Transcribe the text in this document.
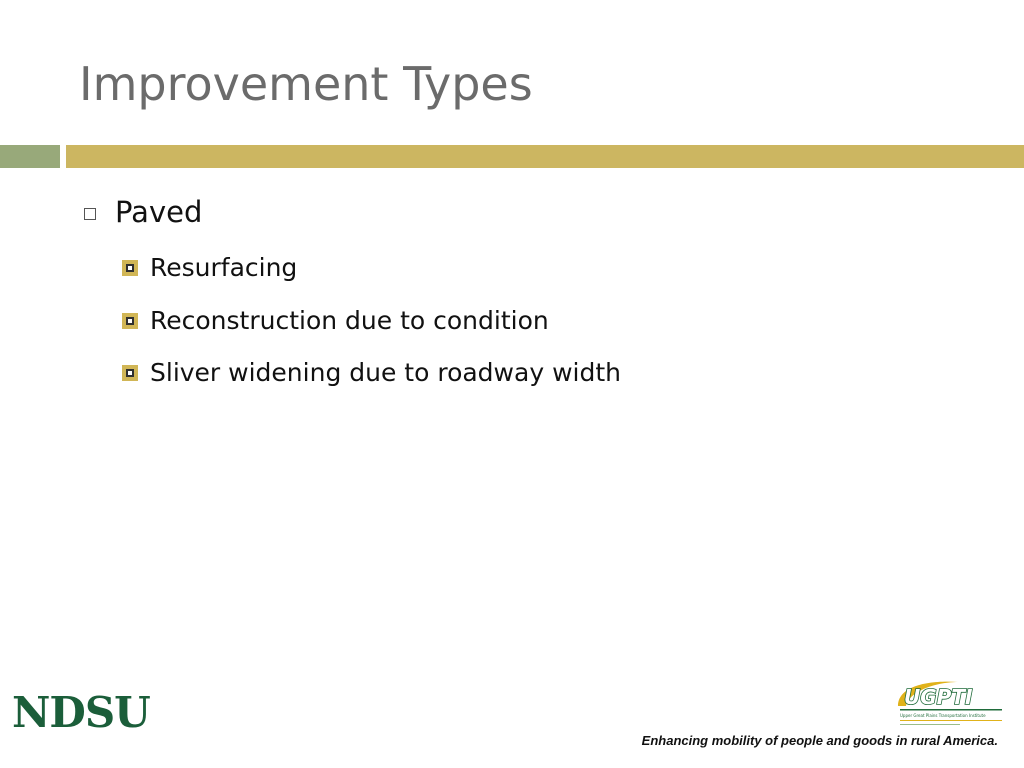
Improvement Types
Paved
Resurfacing
Reconstruction due to condition
Sliver widening due to roadway width
NDSU	UGPTI
Upper Great Plains Transportation Institute
Enhancing mobility of people and goods in rural America.
